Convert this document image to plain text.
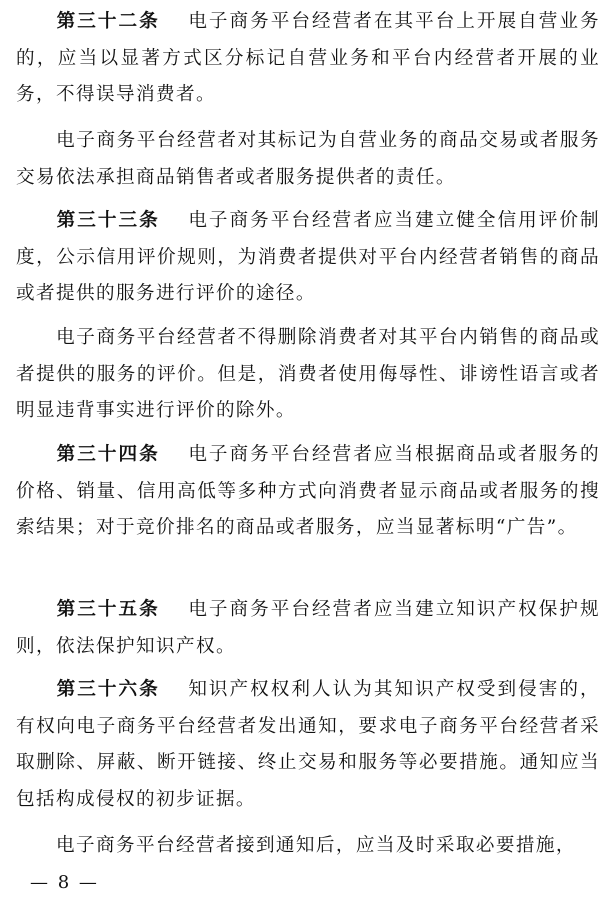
第三十二条 电子商务平台经营者在其平台上开展自营业务的，应当以显著方式区分标记自营业务和平台内经营者开展的业务，不得误导消费者。

电子商务平台经营者对其标记为自营业务的商品交易或者服务交易依法承担商品销售者或者服务提供者的责任。

第三十三条 电子商务平台经营者应当建立健全信用评价制度，公示信用评价规则，为消费者提供对平台内经营者销售的商品或者提供的服务进行评价的途径。

电子商务平台经营者不得删除消费者对其平台内销售的商品或者提供的服务的评价。但是，消费者使用侮辱性、诽谤性语言或者明显违背事实进行评价的除外。

第三十四条 电子商务平台经营者应当根据商品或者服务的价格、销量、信用高低等多种方式向消费者显示商品或者服务的搜索结果；对于竞价排名的商品或者服务，应当显著标明“广告”。

第三十五条 电子商务平台经营者应当建立知识产权保护规则，依法保护知识产权。

第三十六条 知识产权权利人认为其知识产权受到侵害的，有权向电子商务平台经营者发出通知，要求电子商务平台经营者采取删除、屏蔽、断开链接、终止交易和服务等必要措施。通知应当包括构成侵权的初步证据。

电子商务平台经营者接到通知后，应当及时采取必要措施，

— 8 —
